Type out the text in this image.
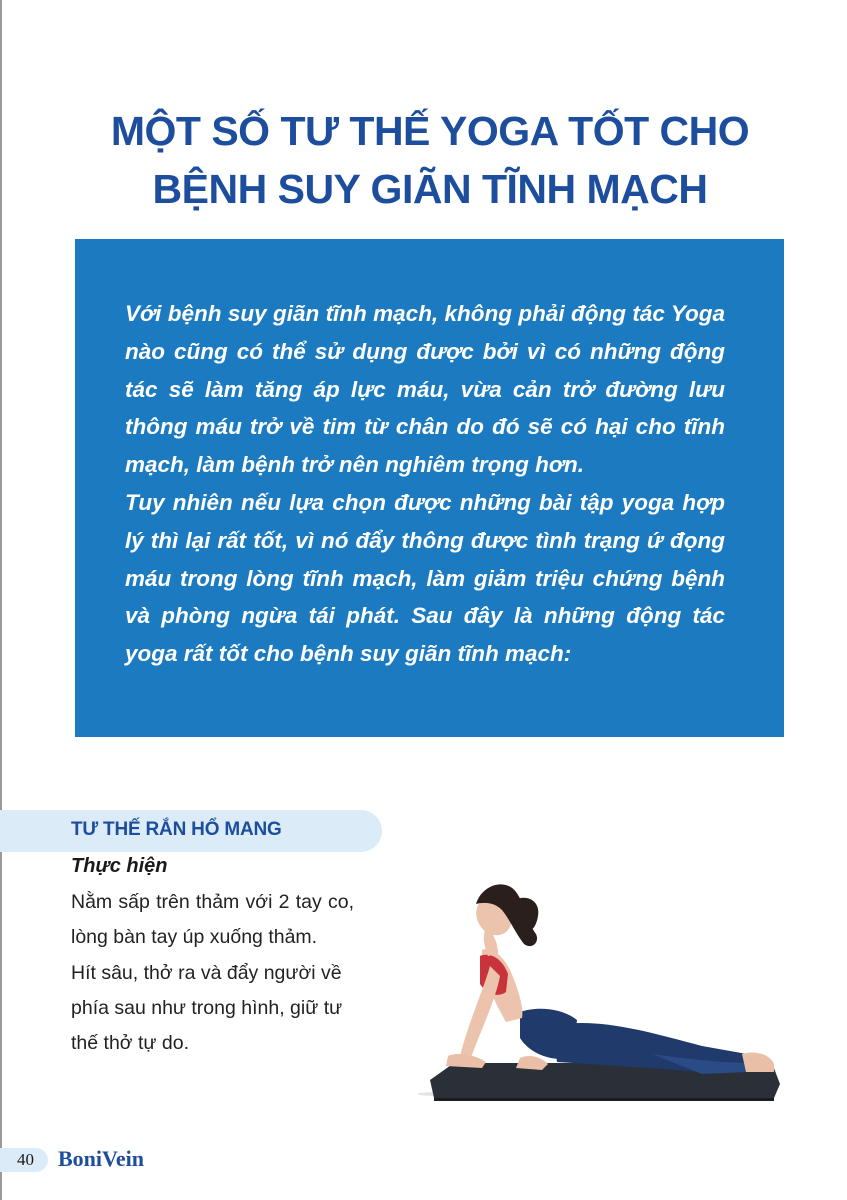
MỘT SỐ TƯ THẾ YOGA TỐT CHO
BỆNH SUY GIÃN TĨNH MẠCH

Với bệnh suy giãn tĩnh mạch, không phải động tác Yoga nào cũng có thể sử dụng được bởi vì có những động tác sẽ làm tăng áp lực máu, vừa cản trở đường lưu thông máu trở về tim từ chân do đó sẽ có hại cho tĩnh mạch, làm bệnh trở nên nghiêm trọng hơn.

Tuy nhiên nếu lựa chọn được những bài tập yoga hợp lý thì lại rất tốt, vì nó đẩy thông được tình trạng ứ đọng máu trong lòng tĩnh mạch, làm giảm triệu chứng bệnh và phòng ngừa tái phát. Sau đây là những động tác yoga rất tốt cho bệnh suy giãn tĩnh mạch:

TƯ THẾ RẮN HỔ MANG
Thực hiện

Nằm sấp trên thảm với 2 tay co, lòng bàn tay úp xuống thảm.

Hít sâu, thở ra và đẩy người về phía sau như trong hình, giữ tư thế thở tự do.

40 BoniVein
